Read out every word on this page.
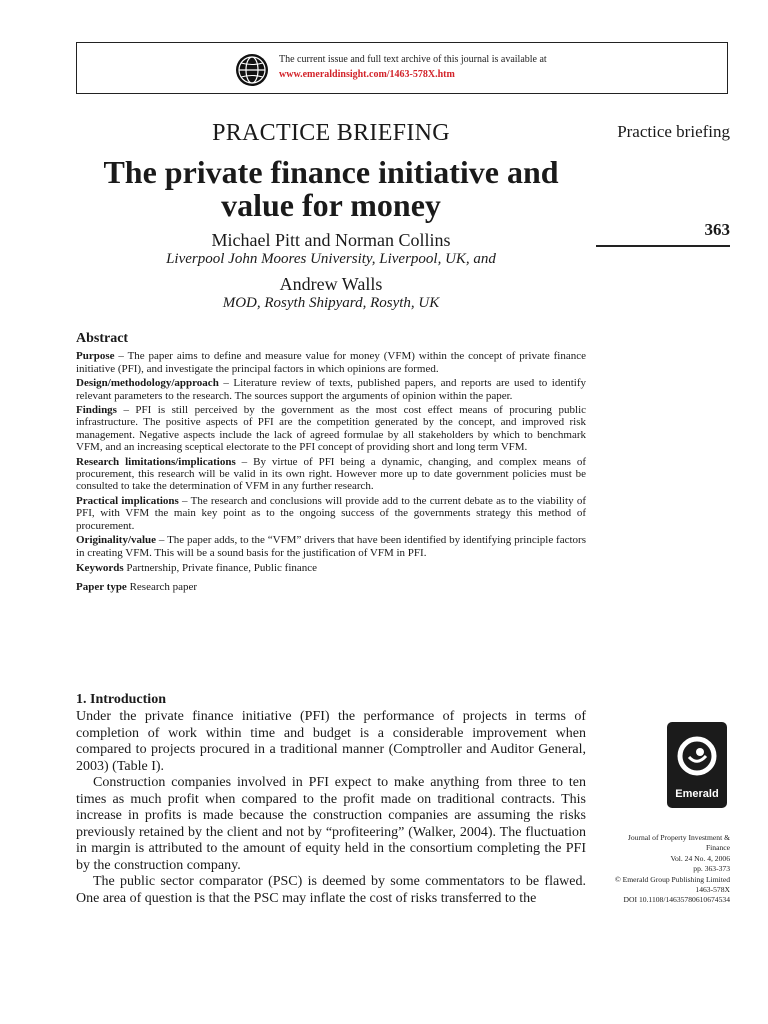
The current issue and full text archive of this journal is available at
www.emeraldinsight.com/1463-578X.htm
PRACTICE BRIEFING
The private finance initiative and
value for money
Michael Pitt and Norman Collins
Liverpool John Moores University, Liverpool, UK, and
Andrew Walls
MOD, Rosyth Shipyard, Rosyth, UK
Practice briefing
363
Abstract

Purpose – The paper aims to define and measure value for money (VFM) within the concept of private finance initiative (PFI), and investigate the principal factors in which opinions are formed.

Design/methodology/approach – Literature review of texts, published papers, and reports are used to identify relevant parameters to the research. The sources support the arguments of opinion within the paper.

Findings – PFI is still perceived by the government as the most cost effect means of procuring public infrastructure. The positive aspects of PFI are the competition generated by the concept, and improved risk management. Negative aspects include the lack of agreed formulae by all stakeholders by which to benchmark VFM, and an increasing sceptical electorate to the PFI concept of providing short and long term VFM.

Research limitations/implications – By virtue of PFI being a dynamic, changing, and complex means of procurement, this research will be valid in its own right. However more up to date government policies must be consulted to take the determination of VFM in any further research.

Practical implications – The research and conclusions will provide add to the current debate as to the viability of PFI, with VFM the main key point as to the ongoing success of the governments strategy this method of procurement.

Originality/value – The paper adds, to the “VFM” drivers that have been identified by identifying principle factors in creating VFM. This will be a sound basis for the justification of VFM in PFI.

Keywords Partnership, Private finance, Public finance

Paper type Research paper

1. Introduction

Under the private finance initiative (PFI) the performance of projects in terms of completion of work within time and budget is a considerable improvement when compared to projects procured in a traditional manner (Comptroller and Auditor General, 2003) (Table I).

Construction companies involved in PFI expect to make anything from three to ten times as much profit when compared to the profit made on traditional contracts. This increase in profits is made because the construction companies are assuming the risks previously retained by the client and not by “profiteering” (Walker, 2004). The fluctuation in margin is attributed to the amount of equity held in the consortium completing the PFI by the construction company.

The public sector comparator (PSC) is deemed by some commentators to be flawed. One area of question is that the PSC may inflate the cost of risks transferred to the

Emerald
Journal of Property Investment &
Finance
Vol. 24 No. 4, 2006
pp. 363-373
© Emerald Group Publishing Limited
1463-578X
DOI 10.1108/14635780610674534
